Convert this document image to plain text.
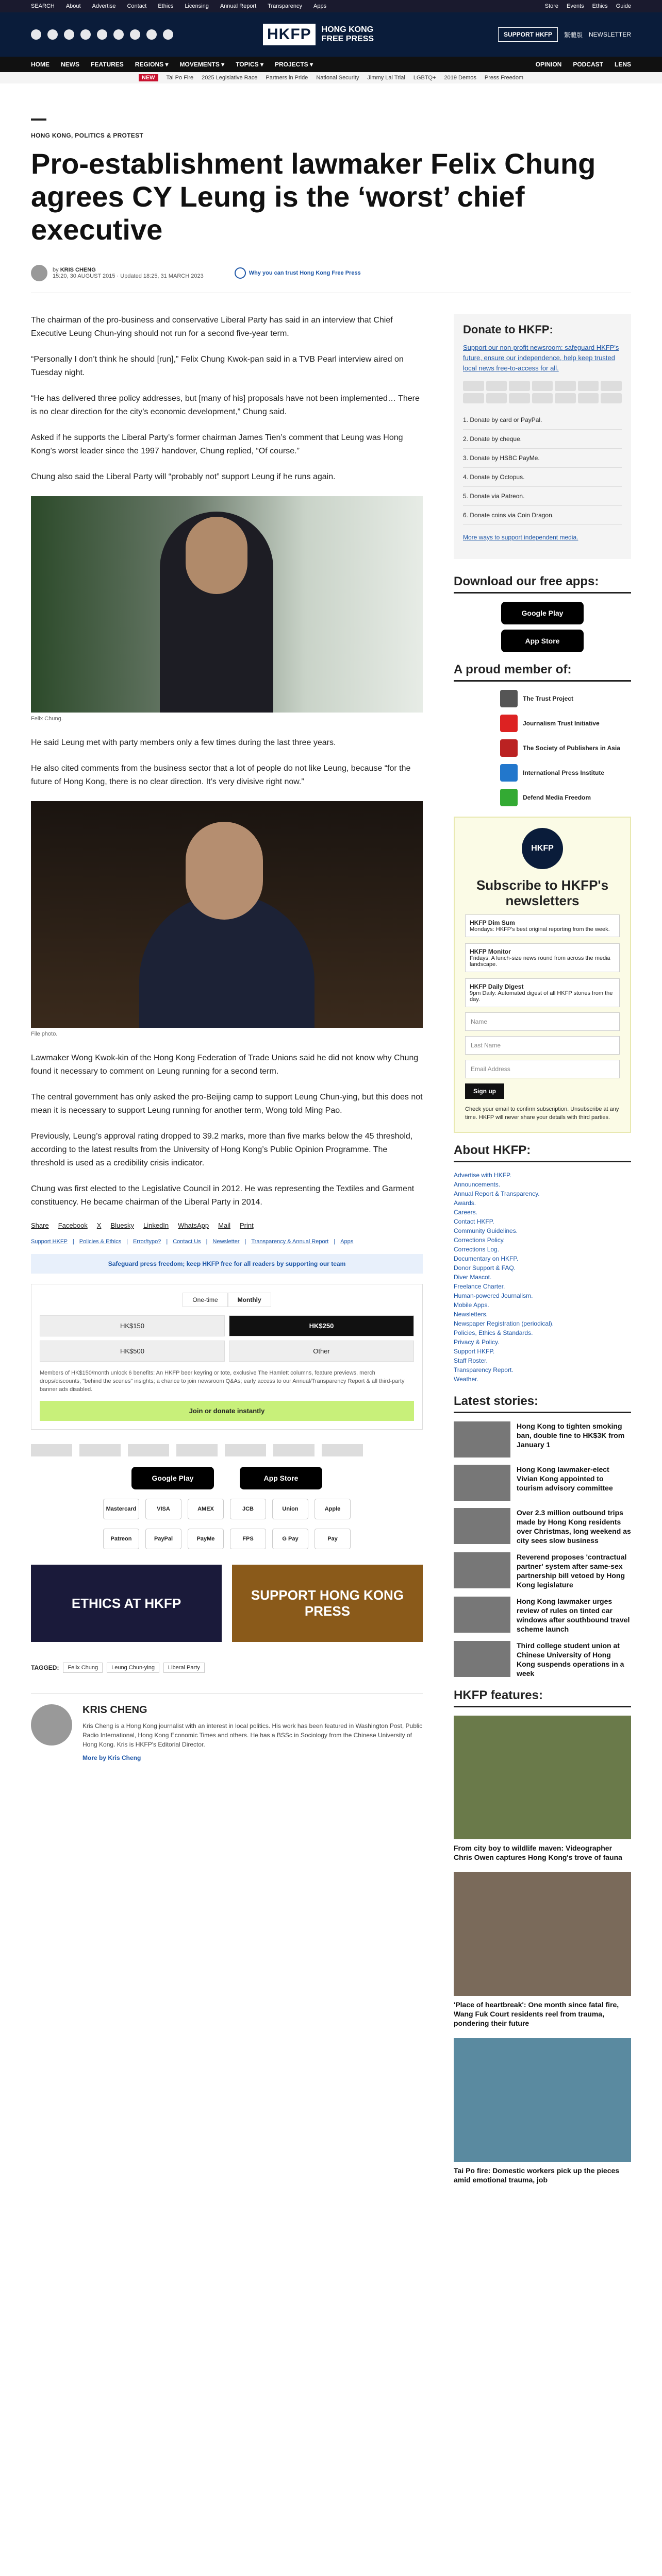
SEARCH About Advertise Contact Ethics Licensing Annual Report Transparency Apps	Store Events Ethics Guide
HKFP	HONG KONG
FREE PRESS	SUPPORT HKFP	繁體版 NEWSLETTER
HOME NEWS FEATURES REGIONS ▾ MOVEMENTS ▾ TOPICS ▾ PROJECTS ▾	OPINION PODCAST LENS
NEW	Tai Po Fire 2025 Legislative Race Partners in Pride National Security Jimmy Lai Trial LGBTQ+ 2019 Demos Press Freedom
HONG KONG, POLITICS & PROTEST
Pro-establishment lawmaker Felix Chung agrees CY Leung is the ‘worst’ chief executive
by KRIS CHENG
15:20, 30 AUGUST 2015 · Updated 18:25, 31 MARCH 2023	Why you can trust Hong Kong Free Press

The chairman of the pro-business and conservative Liberal Party has said in an interview that Chief Executive Leung Chun-ying should not run for a second five-year term.

“Personally I don’t think he should [run],” Felix Chung Kwok-pan said in a TVB Pearl interview aired on Tuesday night.

“He has delivered three policy addresses, but [many of his] proposals have not been implemented… There is no clear direction for the city’s economic development,” Chung said.

Asked if he supports the Liberal Party’s former chairman James Tien’s comment that Leung was Hong Kong’s worst leader since the 1997 handover, Chung replied, “Of course.”

Chung also said the Liberal Party will “probably not” support Leung if he runs again.

Felix Chung.

He said Leung met with party members only a few times during the last three years.

He also cited comments from the business sector that a lot of people do not like Leung, because “for the future of Hong Kong, there is no clear direction. It’s very divisive right now.”

File photo.

Lawmaker Wong Kwok-kin of the Hong Kong Federation of Trade Unions said he did not know why Chung found it necessary to comment on Leung running for a second term.

The central government has only asked the pro-Beijing camp to support Leung Chun-ying, but this does not mean it is necessary to support Leung running for another term, Wong told Ming Pao.

Previously, Leung’s approval rating dropped to 39.2 marks, more than five marks below the 45 threshold, according to the latest results from the University of Hong Kong’s Public Opinion Programme. The threshold is used as a credibility crisis indicator.

Chung was first elected to the Legislative Council in 2012. He was representing the Textiles and Garment constituency. He became chairman of the Liberal Party in 2014.

Share Facebook X Bluesky LinkedIn WhatsApp Mail Print
Support HKFP | Policies & Ethics | Error/typo? | Contact Us | Newsletter | Transparency & Annual Report | Apps
Safeguard press freedom; keep HKFP free for all readers by supporting our team
One-time	Monthly
HK$150	HK$250
HK$500	Other
Members of HK$150/month unlock 6 benefits: An HKFP beer keyring or tote, exclusive The Hamlett columns, feature previews, merch drops/discounts, "behind the scenes" insights; a chance to join newsroom Q&As; early access to our Annual/Transparency Report & all third-party banner ads disabled.
Join or donate instantly
Google Play	App Store
Mastercard	VISA	AMEX	JCB	Union	Apple
Patreon	PayPal	PayMe	FPS	G Pay	Pay
ETHICS AT HKFP
SUPPORT HONG KONG PRESS
TAGGED:	Felix Chung	Leung Chun-ying	Liberal Party
KRIS CHENG

Kris Cheng is a Hong Kong journalist with an interest in local politics. His work has been featured in Washington Post, Public Radio International, Hong Kong Economic Times and others. He has a BSSc in Sociology from the Chinese University of Hong Kong. Kris is HKFP's Editorial Director.

More by Kris Cheng
Donate to HKFP:

Support our non-profit newsroom: safeguard HKFP's future, ensure our independence, help keep trusted local news free-to-access for all.

1. Donate by card or PayPal.

2. Donate by cheque.

3. Donate by HSBC PayMe.

4. Donate by Octopus.

5. Donate via Patreon.

6. Donate coins via Coin Dragon.

More ways to support independent media.

Download our free apps:
Google Play
App Store
A proud member of:
The Trust Project
Journalism Trust Initiative
The Society of Publishers in Asia
International Press Institute
Defend Media Freedom
HKFP
Subscribe to HKFP's newsletters
HKFP Dim Sum
Mondays: HKFP's best original reporting from the week.
HKFP Monitor
Fridays: A lunch-size news round from across the media landscape.
HKFP Daily Digest
9pm Daily: Automated digest of all HKFP stories from the day.
Name
Last Name
Email Address
Sign up
Check your email to confirm subscription. Unsubscribe at any time. HKFP will never share your details with third parties.
About HKFP:

Advertise with HKFP.

Announcements.

Annual Report & Transparency.

Awards.

Careers.

Contact HKFP.

Community Guidelines.

Corrections Policy.

Corrections Log.

Documentary on HKFP.

Donor Support & FAQ.

Diver Mascot.

Freelance Charter.

Human-powered Journalism.

Mobile Apps.

Newsletters.

Newspaper Registration (periodical).

Policies, Ethics & Standards.

Privacy & Policy.

Support HKFP.

Staff Roster.

Transparency Report.

Weather.

Latest stories:
Hong Kong to tighten smoking ban, double fine to HK$3K from January 1
Hong Kong lawmaker-elect Vivian Kong appointed to tourism advisory committee
Over 2.3 million outbound trips made by Hong Kong residents over Christmas, long weekend as city sees slow business
Reverend proposes 'contractual partner' system after same-sex partnership bill vetoed by Hong Kong legislature
Hong Kong lawmaker urges review of rules on tinted car windows after southbound travel scheme launch
Third college student union at Chinese University of Hong Kong suspends operations in a week
HKFP features:
From city boy to wildlife maven: Videographer Chris Owen captures Hong Kong's trove of fauna
'Place of heartbreak': One month since fatal fire, Wang Fuk Court residents reel from trauma, pondering their future
Tai Po fire: Domestic workers pick up the pieces amid emotional trauma, job
